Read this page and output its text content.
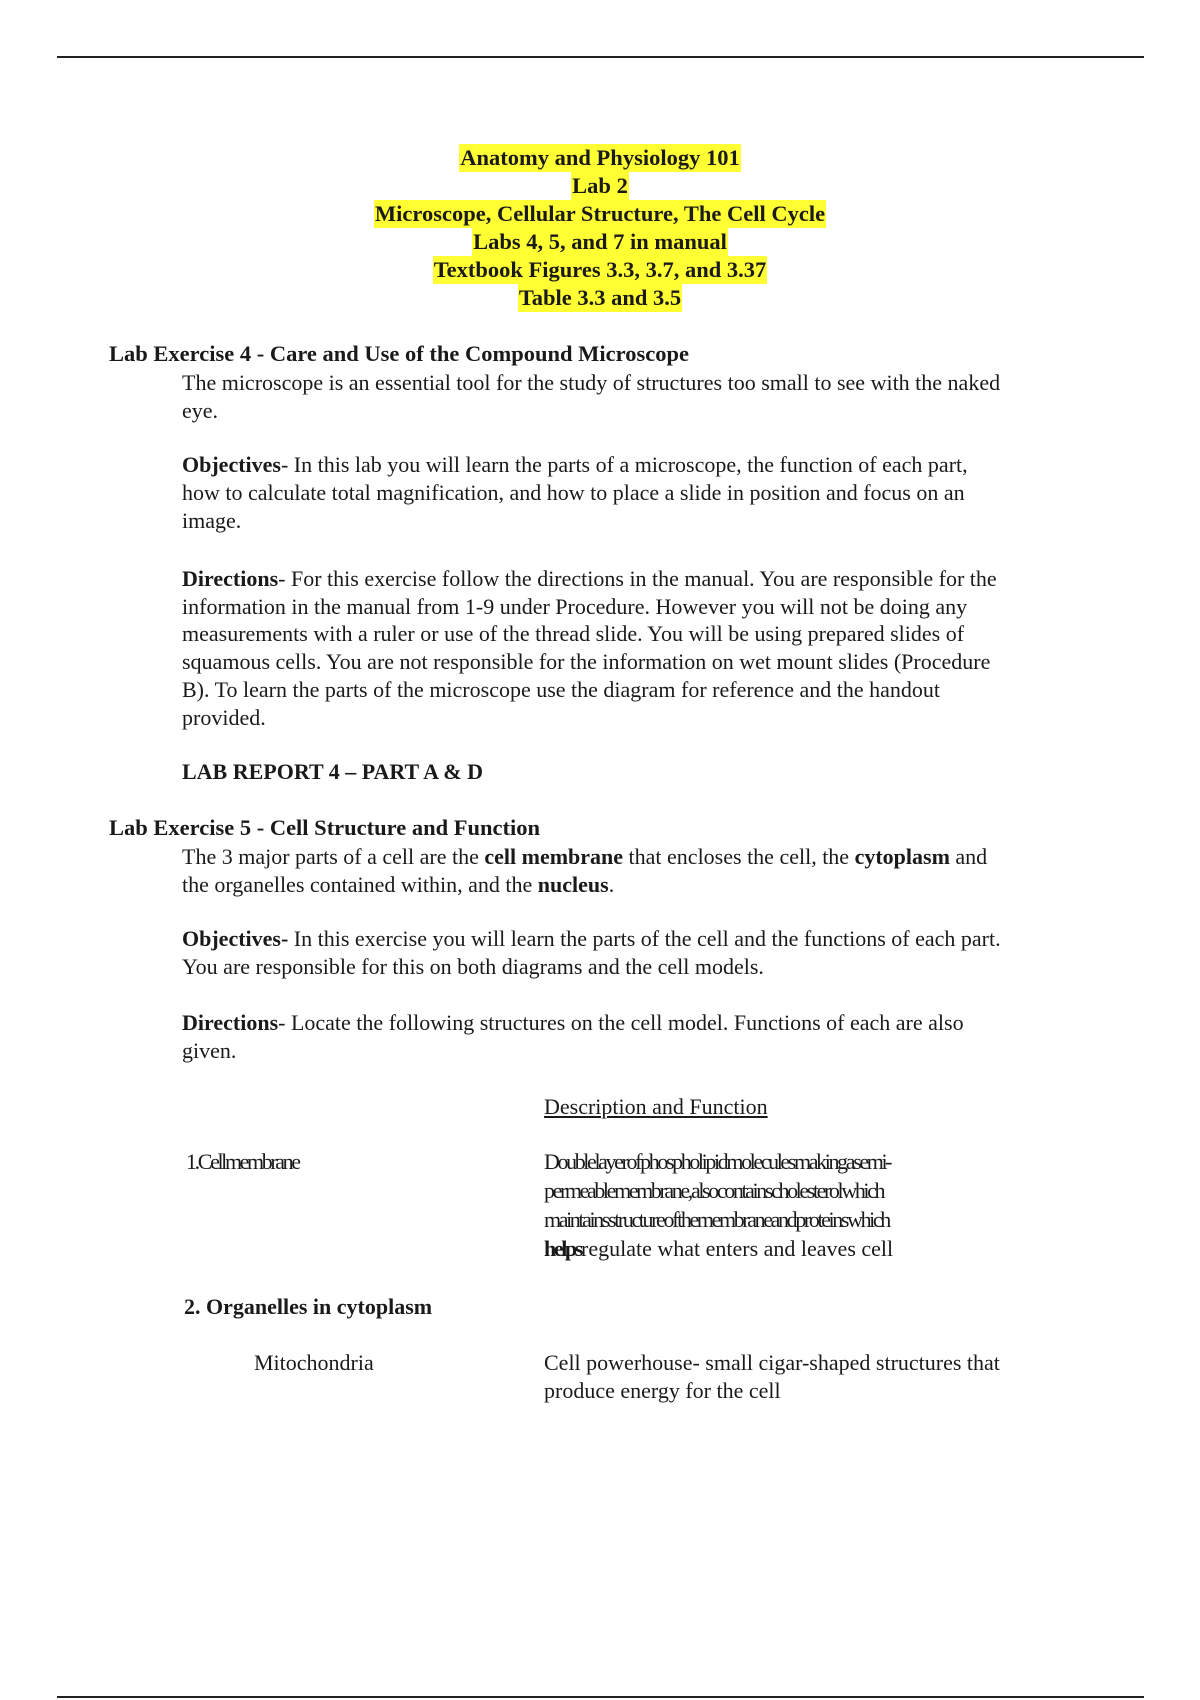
Anatomy and Physiology 101
Lab 2
Microscope, Cellular Structure, The Cell Cycle
Labs 4, 5, and 7 in manual
Textbook Figures 3.3, 3.7, and 3.37
Table 3.3 and 3.5

Lab Exercise 4 - Care and Use of the Compound Microscope

The microscope is an essential tool for the study of structures too small to see with the naked

eye.

Objectives- In this lab you will learn the parts of a microscope, the function of each part,

how to calculate total magnification, and how to place a slide in position and focus on an

image.

Directions- For this exercise follow the directions in the manual. You are responsible for the

information in the manual from 1-9 under Procedure. However you will not be doing any

measurements with a ruler or use of the thread slide. You will be using prepared slides of

squamous cells. You are not responsible for the information on wet mount slides (Procedure

B). To learn the parts of the microscope use the diagram for reference and the handout

provided.

LAB REPORT 4 – PART A & D

Lab Exercise 5 - Cell Structure and Function

The 3 major parts of a cell are the cell membrane that encloses the cell, the cytoplasm and

the organelles contained within, and the nucleus.

Objectives- In this exercise you will learn the parts of the cell and the functions of each part.

You are responsible for this on both diagrams and the cell models.

Directions- Locate the following structures on the cell model. Functions of each are also

given.

Description and Function

1. Cell membrane	Double layer of phospholipid molecules making a semi-

permeable membrane, also contains cholesterol which

maintains structure of the membrane and proteins which

helps regulate what enters and leaves cell

2. Organelles in cytoplasm

Mitochondria	Cell powerhouse- small cigar-shaped structures that

produce energy for the cell
